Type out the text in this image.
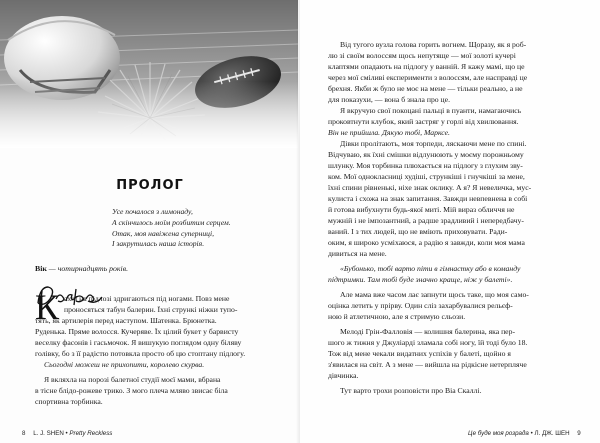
ПРОЛОГ
Усе почалося з лимонаду,
А скінчилось моїм розбитим серцем.
Отак, моя навіжена суперниці,
І закрутилась наша історія.
Вік — чотирнадцять років.
К ахлі на підлозі здригаються під ногами. Повз мене
проносяться табун балерин. Їхні стрункі ніжки тупо-
тять, як артилерія перед наступом. Шатенка. Брюнетка.
Руденька. Пряме волосся. Кучеряве. Їх цілий букет у барвисту
веселку фасонів і гасьмочок. Я вишукую поглядом одну біляву
голівку, бо з її радістю потовкла просто об цю стоптану підлогу.
Сьогодні можеш не прихопити, королево скурва.
Я вкляхла на порозі балетної студії моєї мами, вбрана
в тісне блідо-рожеве трико. З мого плеча мляво звисає біла
спортивна торбинка.
8 L. J. SHEN • Pretty Reckless
Від тугого вузла голова горить вогнем. Щоразу, як я роб-
лю зі своїм волоссям щось непутяще — мої золоті кучері
клаптями опадають на підлогу у ванній. Я кажу мамі, що це
через мої сміливі експерименти з волоссям, але насправді це
брехня. Якби ж було не моє на мене — тільки реально, а не
для показухи, — вона б знала про це.
Я вкручую свої покоцані пальці в пуанти, намагаючись
проковтнути клубок, який застряг у горлі від хвилювання.
Він не прийшла. Дякую тобі, Марксе.
Дівки пролітають, моя торпеди, ляскаючи мене по спині.
Відчуваю, як їхні смішки відлунюють у моєму порожньому
шлунку. Моя торбинка плюхається на підлогу з глухим зву-
ком. Мої однокласниці худіші, стрункіші і гнучкіші за мене,
їхні спини рівненькі, ніхе знак оклику. А я? Я невеличка, мус-
кулиста і схожа на знак запитання. Завжди невпевнена в собі
й готова вибухнути будь-якої миті. Мій вираз обличчя не
мужній і не імпозантний, а радше зрадливий і непередбачу-
ваний. І з тих людей, що не вміють приховувати. Ради-
оким, я широко усміхаюся, а радію я завжди, коли моя мама
дивиться на мене.
«Бубонько, тобі варто піти в гімнастку або в команду
підтримки. Там тобі буде значно краще, ніж у балеті».
Але мама вже часом лає запнути щось таке, що моя само-
оцінка летить у прірву. Один сліз захарбувалися рельєф-
ною й атлетичною, але я стримую сльози.
Мелоді Грін-Фалловія — колишня балерина, яка пер-
шого ж тижня у Джуліарді зламала собі ногу, їй тоді було 18.
Тож від мене чекали видатних успіхів у балеті, щойно я
з'явилася на світ. А з мене — вийшла на рідкісне нетерпляче
дівчинка.
Тут варто трохи розповісти про Віа Скаллі.
Це буде моя розрада • Л. ДЖ. ШЕН 9
